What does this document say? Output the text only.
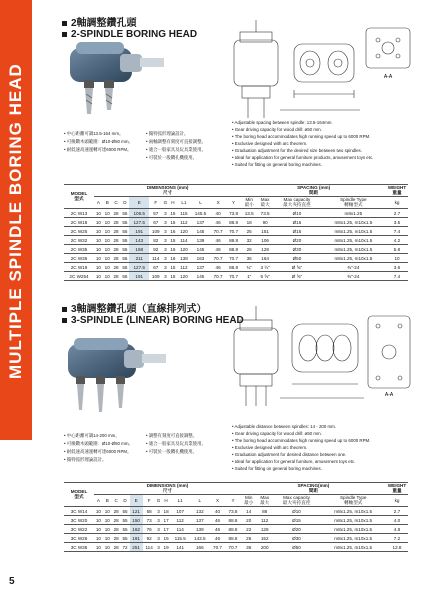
MULTIPLE SPINDLE BORING HEAD
5
2軸調整鑽孔頭
2-SPINDLE BORING HEAD
A-A
• Adjustable spacing between spindle: 13.5-164mm.
• Gear driving capacity for wood drill: ø50 mm.
• The boring head accommodates high running speed up to 6000 RPM.
• Exclusive designed with arc theorem.
• Graduation adjustment for the desired size between two spindles.
• Ideal for application for general furniture products, amusement toys etc.
• Suited for fitting on general boring machines.
• 中心距離可調13.5-164 mm。
• 可換鑽木頭範圍：Ø10-Ø50 mm。
• 耐低速高速運轉可達6000 RPM。
• 獨特弧形理論設計。
• 兩軸調整有刻度可直接調整。
• 適合一般家具及玩具業使用。
• 可裝於一般鑽孔機使用。
MODEL
型式	DIMENSIONS (mm)
尺寸												SPACING (mm)
間距				WEIGHT
重量
	A	B	C	D	E	F	G	H	L1	L	X	Y	Min
最小	Max
最大	Max capacity
最大夾持直徑	Spindle Type
轉軸型式	kg
2C W13	10	10	28	55	106.5	57	3	15	115	145.5	40	73.8	13.5	73.5	Ø10	m8x1.25	2.7
2C W18	10	10	28	55	127.5	67	3	15	112	137	46	88.8	18	90	Ø15	m8x1.25, m10x1.5	3.5
2C W25	10	10	28	55	191	109	3	16	120	145	70.7	70.7	25	151	Ø15	m8x1.25, m10x1.5	7.4
2C W32	10	10	28	55	143	82	3	15	114	139	46	88.8	32	106	Ø20	m8x1.25, m10x1.5	4.2
2C W35	10	10	28	55	168	92	3	16	120	145	46	88.8	26	128	Ø30	m8x1.25, m10x1.5	5.8
2C W36	10	10	28	55	211	114	3	16	138	163	70.7	70.7	36	164	Ø50	m8x1.25, m10x1.5	10
2C W19	10	10	28	55	127.5	67	3	15	112	137	46	88.8	¾"	3 ½"	Ø ⅝"	⅜"-24	3.6
2C W254	10	10	28	55	191	109	3	15	120	145	70.7	70.7	1"	5 ⅝"	Ø ⅝"	⅜"-24	7.4
3軸調整鑽孔頭（直線排列式）
3-SPINDLE (LINEAR) BORING HEAD
A-A
• Adjustable distance between spindles: 14 - 200 mm.
• Gear driving capacity for wood drill: ø50 mm.
• The boring head accommodates high running speed up to 6000 RPM.
• Exclusive designed with arc theorem.
• Graduation adjustment for desired distance between one.
• Ideal for application for general furniture, amusement toys etc.
• Suited for fitting on general boring machines.
• 中心距離可調14-200 mm。
• 可換鑽木頭範圍：Ø10-Ø50 mm。
• 耐低速高速運轉可達6000 RPM。
• 獨特弧形理論設計。
• 調整有刻度可直接調整。
• 適合一般家具及玩具業使用。
• 可裝於一般鑽孔機使用。
MODEL
型式	DIMENSIONS (mm)
尺寸												SPACING(mm)
間距				WEIGHT
重量
	A	B	C	D	E	F	G	H	L1	L	X	Y	Min
最小	Max
最大	Max capacity
最大夾持直徑	Spindle Type
轉軸型式	kg
3C W14	10	10	28	55	121	58	3	18	107	132	40	73.8	14	88	Ø10	m8x1.25, m10x1.5	2.7
3C W20	10	10	28	55	150	73	3	17	112	137	46	88.8	20	112	Ø15	m8x1.25, m10x1.5	4.0
3C W22	10	10	28	55	162	76	3	17	114	139	46	88.8	22	128	Ø20	m8x1.25, m10x1.5	4.8
3C W26	10	10	28	55	191	92	3	15	115.5	143.5	46	88.8	26	152	Ø30	m8x1.25, m10x1.5	7.2
3C W36	10	10	28	72	251	114	3	19	141	166	70.7	70.7	36	200	Ø50	m8x1.25, m10x1.5	12.8
